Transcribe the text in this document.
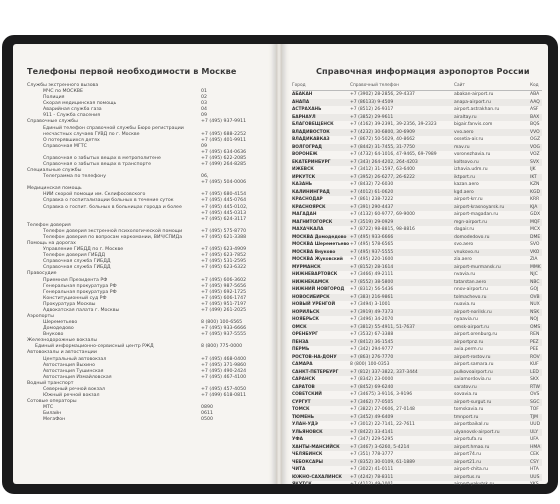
Телефоны первой необходимости в Москве
Службы экстренного вызова
МЧС по МОСКВЕ	01
Полиция	02
Скорая медицинская помощь	03
Аварийная служба газа	04
911 - Служба спасения	09
Справочные службы	+7 (495) 937-9911
Единый телефон справочной службы Бюро регистрации
несчастных случаев ГУВД по г. Москве	+7 (495) 688-2252
О потерявшихся детях	+7 (495) 401-9911
Справочная МГТС	09
+7 (495) 634-0636
Справочная о забытых вещах в метрополитене	+7 (495) 622-2085
Справочная о забытых вещах в транспорте	+7 (499) 264-8285
Специальные службы
Телеграмма по телефону	06,
+7 (495) 504-0006
Медицинская помощь
НИИ скорой помощи им. Склифосовского	+7 (495) 680-4154
Справка о госпитализации больных в течение суток	+7 (495) 445-0764
Справка о госпит. больных в больницах города и более	+7 (495) 445-0102,
+7 (495) 445-0313
+7 (495) 624-3117
Телефон доверия
Телефон доверия экстренной психологической помощи	+7 (495) 575-8770
Телефон доверия по вопросам наркомании, ВИЧ/СПИДа	+7 (495) 621-3388
Помощь на дорогах
Управление ГИБДД по г. Москве	+7 (495) 623-4909
Телефон доверия ГИБДД	+7 (495) 623-7852
Справочная служба ГИБДД	+7 (495) 531-2595
Справочная служба ГИБДД	+7 (495) 623-6322
Правосудие
Приемная Президента РФ	+7 (495) 606-3602
Генеральная прокуратура РФ	+7 (495) 987-5656
Генеральная прокуратура РФ	+7 (495) 692-1725
Конституционный суд РФ	+7 (495) 606-1747
Прокуратура Москвы	+7 (495) 951-7197
Адвокатская палата г. Москвы	+7 (499) 261-2025
Аэропорты
Шереметьево	8 (800) 100-6565
Домодедово	+7 (495) 933-6666
Внуково	+7 (495) 937-5555
Железнодорожные вокзалы
Единый информационно-сервисный центр РЖД	8 (800) 775-0000
Автовокзалы и автостанции
Центральный автовокзал	+7 (495) 468-0400
Автостанция Выхино	+7 (495) 371-9860
Автостанция Тушинская	+7 (495) 490-2424
Автостанция Измайловская	+7 (495) 467-4100
Водный транспорт
Северный речной вокзал	+7 (495) 457-4050
Южный речной вокзал	+7 (499) 618-0811
Сотовые операторы
МТС	0890
Билайн	0611
МегаФон	0500
Справочная информация аэропортов России
Город	Справочный телефон	Сайт	Код
АБАКАН	+7 (3902) 28-2856, 29-4337	abakan-airport.ru	ABA
АНАПА	+7 (86133) 9-4509	anapa-airport.ru	AAQ
АСТРАХАНЬ	+7 (8512) 26-9317	airport.astrakhan.ru	ASF
БАРНАУЛ	+7 (3852) 29-9611	airaltay.ru	BAX
БЛАГОВЕЩЕНСК	+7 (4162) 39-2391, 39-2356, 39-2323	bigair.fanvis.com	BQS
ВЛАДИВОСТОК	+7 (4232) 30-6800, 30-6909	vvo.aero	VVO
ВЛАДИКАВКАЗ	+7 (8672) 50-5029, 40-8662	ossetia-air.ru	OGZ
ВОЛГОГРАД	+7 (8442) 31-7455, 31-7750	mav.ru	VOG
ВОРОНЕЖ	+7 (4732) 64-1016, 47-9465, 69-7989	voronezhavia.ru	VOZ
ЕКАТЕРИНБУРГ	+7 (343) 264-4202, 264-4203	koltsovo.ru	SVX
ИЖЕВСК	+7 (3412) 31-1597, 63-6400	izhavia.udm.ru	IJK
ИРКУТСК	+7 (3952) 26-6277, 26-6222	iktport.ru	IKT
КАЗАНЬ	+7 (8432) 72-6030	kazan.aero	KZN
КАЛИНИНГРАД	+7 (4012) 61-0620	kgd.aero	KGD
КРАСНОДАР	+7 (861) 238-7222	airport-krr.ru	KRR
КРАСНОЯРСК	+7 (391) 290-4437	airport-krasnoyarsk.ru	KJA
МАГАДАН	+7 (4132) 60-9777, 69-9000	airport-magadan.ru	GDX
МАГНИТОГОРСК	+7 (3519) 29-0929	mgn-airport.ru	MQF
МАХАЧКАЛА	+7 (8722) 98-8815, 98-8816	dagair.ru	MCX
МОСКВА Домодедово +7 (495) 933-6666	domodedovo.ru	DME
МОСКВА Шереметьево +7 (495) 578-6565	svo.aero	SVO
МОСКВА Внуково	+7 (495) 937-5555	vnukovo.ru	VKO
МОСКВА Жуковский +7 (495) 220-1600	zia.aero	ZIA
МУРМАНСК	+7 (8152) 28-1614	airport-murmansk.ru	MMK
НИЖНЕВАРТОВСК	+7 (3466) 49-2111	nvavia.ru	NJC
НИЖНЕКАМСК	+7 (8552) 38-5800	tatarstan.aero	NBC
НИЖНИЙ НОВГОРОД +7 (8312) 56-5436	nnov-airport.ru	GOJ
НОВОСИБИРСК	+7 (383) 216-9861	tolmachevo.ru	OVB
НОВЫЙ УРЕНГОЙ	+7 (3494) 3-1001	nuavia.ru	NUX
НОРИЛЬСК	+7 (3919) 49-7373	airport-norilsk.ru	NSK
НОЯБРЬСК	+7 (3496) 34-2070	nyaavia.ru	NOJ
ОМСК	+7 (3812) 55-4911, 51-7637	omsk-airport.ru	OMS
ОРЕНБУРГ	+7 (3532) 67-3388	airport.orenburg.ru	REN
ПЕНЗА	+7 (8412) 36-1545	airportpnz.ru	PEZ
ПЕРМЬ	+7 (342) 294-9777	avia.perm.ru	PEE
РОСТОВ-НА-ДОНУ	+7 (863) 276-7770	airport-rostov.ru	ROV
САМАРА	8 (800) 100-0353	airport.samara.ru	KUF
САНКТ-ПЕТЕРБУРГ	+7 (812) 337-3822, 337-3444	pulkovoairport.ru	LED
САРАНСК	+7 (8342) 23-0000	aviamordovia.ru	SKX
САРАТОВ	+7 (8452) 69-6240	saratov.ru	RTW
СОВЕТСКИЙ	+7 (34675) 3-9116, 3-9196	sovavia.ru	OVS
СУРГУТ	+7 (3462) 77-0505	airport-surgut.ru	SGC
ТОМСК	+7 (3822) 27-0606, 27-0148	tomskavia.ru	TOF
ТЮМЕНЬ	+7 (3452) 49-6409	tmnport.ru	TJM
УЛАН-УДЭ	+7 (3012) 22-7141, 22-7611	airportbaikal.ru	UUD
УЛЬЯНОВСК	+7 (8422) 33-4141	ulyanovsk-airport.ru	ULY
УФА	+7 (347) 229-5295	airportufa.ru	UFA
ХАНТЫ-МАНСИЙСК +7 (3467) 3-6260, 5-4214	airport.hmao.ru	HMA
ЧЕЛЯБИНСК	+7 (351) 778-3777	airport74.ru	CEK
ЧЕБОКСАРЫ	+7 (8352) 30-0109, 61-1889	airport21.ru	CSY
ЧИТА	+7 (3022) 41-0111	airport-chita.ru	HTA
ЮЖНО-САХАЛИНСК +7 (4242) 78-8311	airportus.ru	UUS
ЯКУТСК	+7 (4112) 49-1001	airport-yakutsk.ru	YKS
